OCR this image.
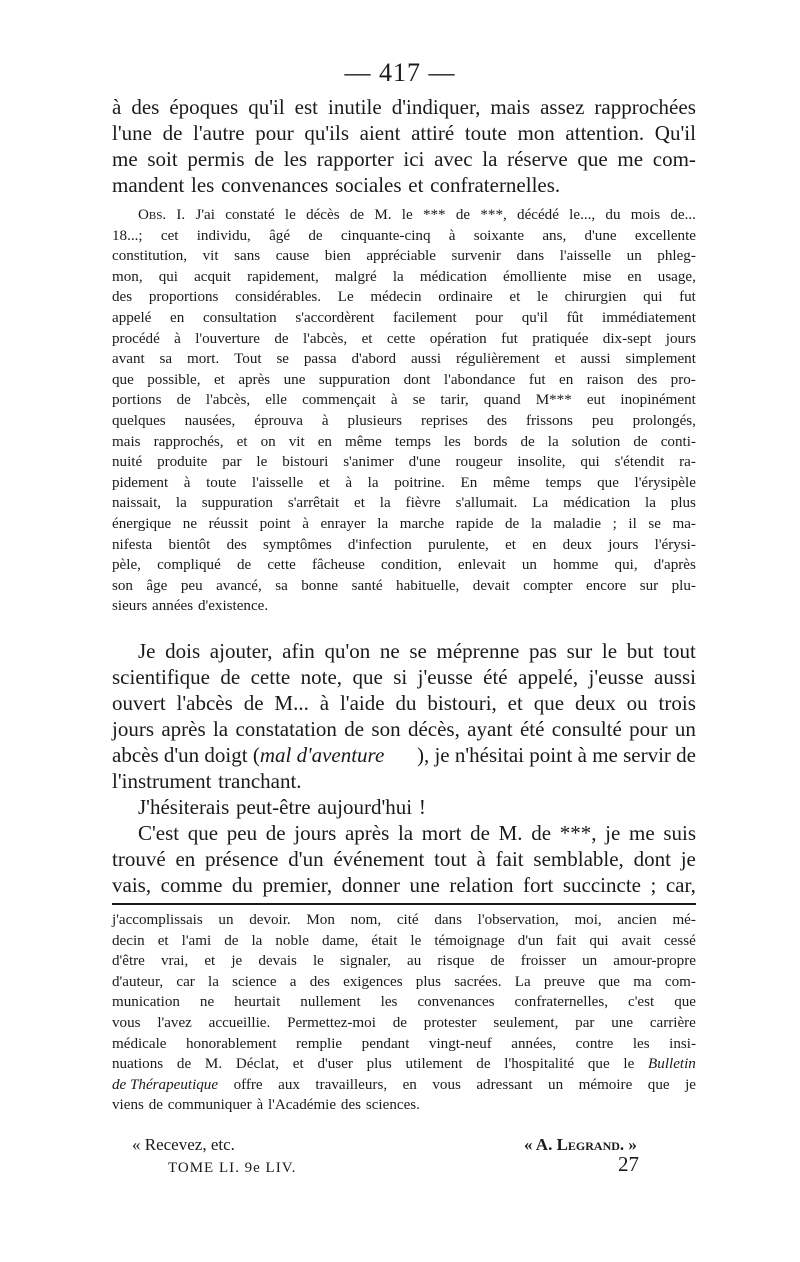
— 417 —
à des époques qu'il est inutile d'indiquer, mais assez rapprochées
l'une de l'autre pour qu'ils aient attiré toute mon attention. Qu'il
me soit permis de les rapporter ici avec la réserve que me com-
mandent les convenances sociales et confraternelles.
Obs. I. J'ai constaté le décès de M. le *** de ***, décédé le..., du mois de...
18...; cet individu, âgé de cinquante-cinq à soixante ans, d'une excellente
constitution, vit sans cause bien appréciable survenir dans l'aisselle un phleg-
mon, qui acquit rapidement, malgré la médication émolliente mise en usage,
des proportions considérables. Le médecin ordinaire et le chirurgien qui fut
appelé en consultation s'accordèrent facilement pour qu'il fût immédiatement
procédé à l'ouverture de l'abcès, et cette opération fut pratiquée dix-sept jours
avant sa mort. Tout se passa d'abord aussi régulièrement et aussi simplement
que possible, et après une suppuration dont l'abondance fut en raison des pro-
portions de l'abcès, elle commençait à se tarir, quand M*** eut inopinément
quelques nausées, éprouva à plusieurs reprises des frissons peu prolongés,
mais rapprochés, et on vit en même temps les bords de la solution de conti-
nuité produite par le bistouri s'animer d'une rougeur insolite, qui s'étendit ra-
pidement à toute l'aisselle et à la poitrine. En même temps que l'érysipèle
naissait, la suppuration s'arrêtait et la fièvre s'allumait. La médication la plus
énergique ne réussit point à enrayer la marche rapide de la maladie ; il se ma-
nifesta bientôt des symptômes d'infection purulente, et en deux jours l'érysi-
pèle, compliqué de cette fâcheuse condition, enlevait un homme qui, d'après
son âge peu avancé, sa bonne santé habituelle, devait compter encore sur plu-
sieurs années d'existence.
Je dois ajouter, afin qu'on ne se méprenne pas sur le but tout
scientifique de cette note, que si j'eusse été appelé, j'eusse aussi
ouvert l'abcès de M... à l'aide du bistouri, et que deux ou trois
jours après la constatation de son décès, ayant été consulté pour un
abcès d'un doigt (mal d'aventure ), je n'hésitai point à me servir de
l'instrument tranchant.
J'hésiterais peut-être aujourd'hui !
C'est que peu de jours après la mort de M. de ***, je me suis
trouvé en présence d'un événement tout à fait semblable, dont je
vais, comme du premier, donner une relation fort succincte ; car,
j'accomplissais un devoir. Mon nom, cité dans l'observation, moi, ancien mé-
decin et l'ami de la noble dame, était le témoignage d'un fait qui avait cessé
d'être vrai, et je devais le signaler, au risque de froisser un amour-propre
d'auteur, car la science a des exigences plus sacrées. La preuve que ma com-
munication ne heurtait nullement les convenances confraternelles, c'est que
vous l'avez accueillie. Permettez-moi de protester seulement, par une carrière
médicale honorablement remplie pendant vingt-neuf années, contre les insi-
nuations de M. Déclat, et d'user plus utilement de l'hospitalité que le Bulletin
de Thérapeutique offre aux travailleurs, en vous adressant un mémoire que je
viens de communiquer à l'Académie des sciences.
« Recevez, etc.	« A. Legrand. »
TOME LI. 9e LIV.	27
